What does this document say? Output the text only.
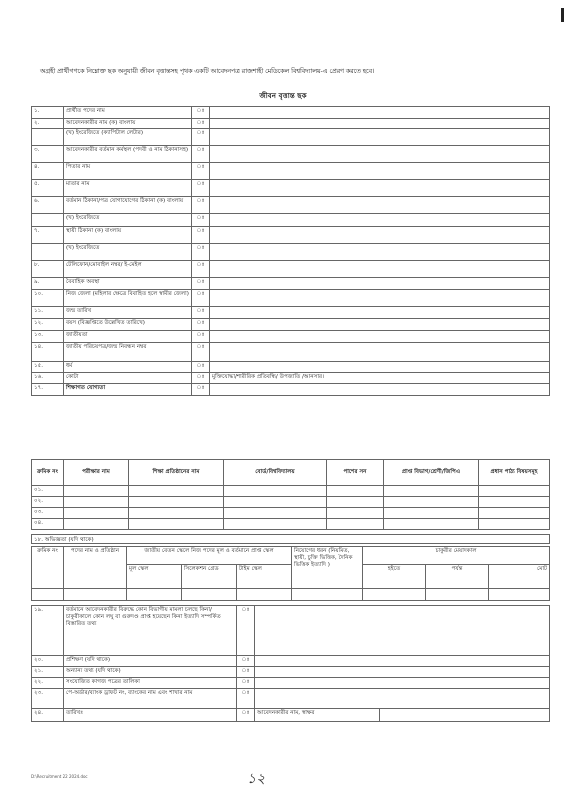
অগ্রহী প্রার্থীগণকে নিম্নোক্ত ছক অনুযায়ী জীবন বৃত্তান্তসহ পৃথক একটি আবেদনপত্র রাজশাহী মেডিকেল বিশ্ববিদ্যালয়-এ প্রেরণ করতে হবে।
জীবন বৃত্তান্ত ছক
১.	প্রার্থীত পদের নাম	ঃ	
২.	আবেদনকারীর নাম (ক) বাংলায়	ঃ	
	(খ) ইংরেজিতে (ক্যাপিটাল লেটার)	ঃ	
৩.	আবেদনকারীর বর্তমান কর্মস্থল (পদবী ও নাম ঠিকানাসহ)	ঃ	
৪.	পিতার নাম	ঃ	
৫.	মাতার নাম	ঃ	
৬.	বর্তমান ঠিকানা/পত্র যোগাযোগের ঠিকানা (ক) বাংলায়	ঃ	
	(খ) ইংরেজিতে	ঃ	
৭.	স্থায়ী ঠিকানা (ক) বাংলায়	ঃ	
	(খ) ইংরেজিতে	ঃ	
৮.	টেলিফোন/মোবাইল নম্বর/ ই-মেইল	ঃ	
৯.	বৈবাহিক অবস্থা	ঃ	
১০.	নিজ জেলা (মহিলার ক্ষেত্রে বিবাহিত হলে স্বামীর জেলা)	ঃ	
১১.	জন্ম তারিখ	ঃ	
১২.	বয়স (বিজ্ঞপ্তিতে উল্লেখিত তারিখে)	ঃ	
১৩.	জাতীয়তা	ঃ	
১৪.	জাতীয় পরিচয়পত্র/জন্ম নিবন্ধন নম্বর	ঃ	
১৫.	ধর্ম	ঃ	
১৬.	কোটা	ঃ	মুক্তিযোদ্ধা/শারীরিক প্রতিবন্ধি/ উপজাতি /আনসার।
১৭.	শিক্ষাগত যোগ্যতা	ঃ	
ক্রমিক নং	পরীক্ষার নাম	শিক্ষা প্রতিষ্ঠানের নাম	বোর্ড/বিশ্ববিদ্যালয়	পাশের সন	প্রাপ্ত বিভাগ/শ্রেণী/জিপিএ	প্রধান পাঠ্য বিষয়সমূহ
০১.						
০২.						
০৩.						
০৪.						
১৮. অভিজ্ঞতা (যদি থাকে)
ক্রমিক নং	পদের নাম ও প্রতিষ্ঠান	জাতীয় বেতন স্কেলে নিজ পদের মূল ও বর্তমানে প্রাপ্ত স্কেল			নিয়োগের ধরন (নিয়মিত, স্থায়ী, চুক্তি ভিত্তিক, দৈনিক ভিত্তিক ইত্যাদি )	চাকুরীর মেয়াদকাল		
		মূল স্কেল	সিলেকশন গ্রেড	টাইম স্কেল		হইতে	পর্যন্ত	মোট

১৯.	বর্তমানে আবেদনকারীর বিরুদ্ধে কোন বিভাগীয় মামলা চলছে কিনা/চাকুরীকালে কোন লঘু বা গুরুদণ্ড প্রাপ্ত হয়েছেন কিনা ইত্যাদি সম্পর্কিত বিস্তারিত তথ্য	ঃ		
২০.	প্রশিক্ষণ (যদি থাকে)	ঃ		
২১.	অন্যান্য তথ্য (যদি থাকে)	ঃ		
২২.	সংযোজিত কাগজ পত্রের তালিকা	ঃ		
২৩.	পে-অর্ডার/ব্যাংক ড্রাফট নং, ব্যাংকের নাম এবং শাখার নাম	ঃ		
২৪.	তারিখঃ	ঃ	আবেদনকারীর নাম, স্বাক্ষর	
১২
D:\Recruitment 22 2024.doc
